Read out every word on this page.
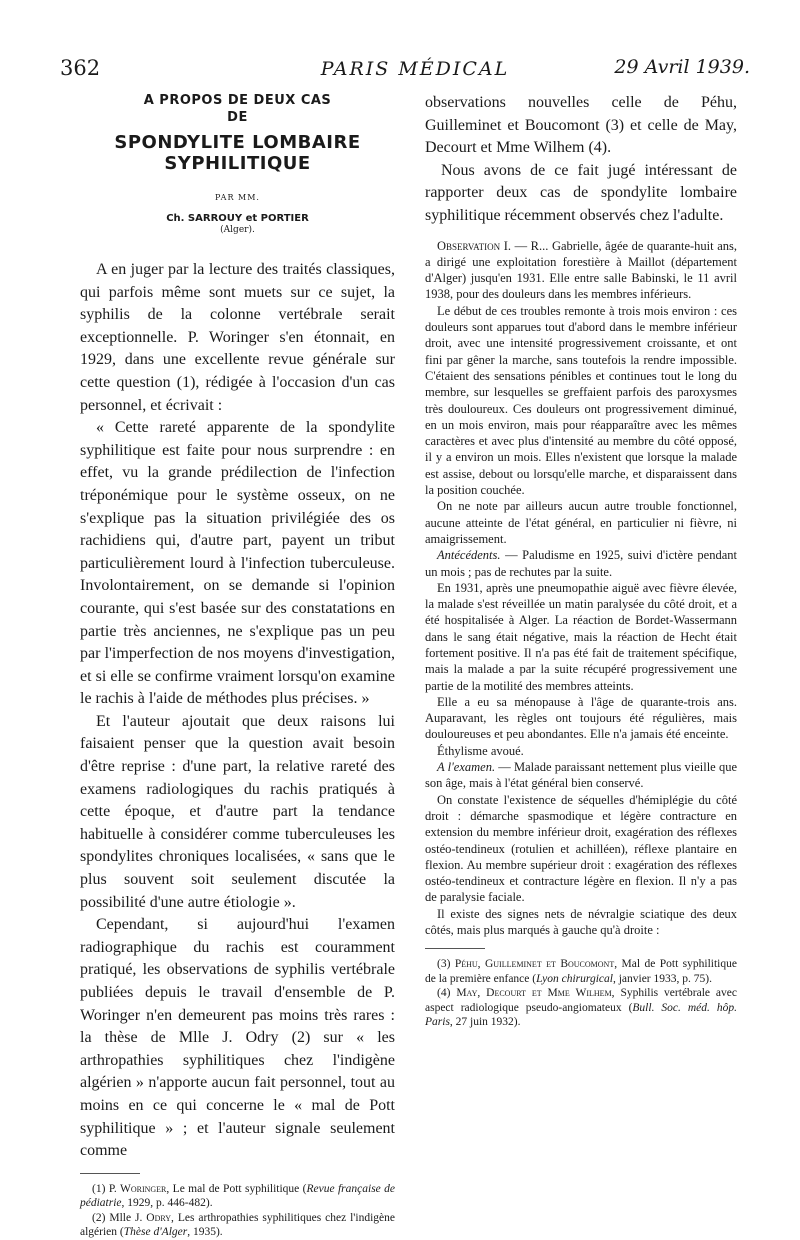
362	PARIS MÉDICAL	29 Avril 1939.
A PROPOS DE DEUX CAS
DE
SPONDYLITE LOMBAIRE
SYPHILITIQUE
PAR MM.
Ch. SARROUY et PORTIER
(Alger).

A en juger par la lecture des traités classiques, qui parfois même sont muets sur ce sujet, la syphilis de la colonne vertébrale serait exceptionnelle. P. Woringer s'en étonnait, en 1929, dans une excellente revue générale sur cette question (1), rédigée à l'occasion d'un cas personnel, et écrivait :

« Cette rareté apparente de la spondylite syphilitique est faite pour nous surprendre : en effet, vu la grande prédilection de l'infection tréponémique pour le système osseux, on ne s'explique pas la situation privilégiée des os rachidiens qui, d'autre part, payent un tribut particulièrement lourd à l'infection tuberculeuse. Involontairement, on se demande si l'opinion courante, qui s'est basée sur des constatations en partie très anciennes, ne s'explique pas un peu par l'imperfection de nos moyens d'investigation, et si elle se confirme vraiment lorsqu'on examine le rachis à l'aide de méthodes plus précises. »

Et l'auteur ajoutait que deux raisons lui faisaient penser que la question avait besoin d'être reprise : d'une part, la relative rareté des examens radiologiques du rachis pratiqués à cette époque, et d'autre part la tendance habituelle à considérer comme tuberculeuses les spondylites chroniques localisées, « sans que le plus souvent soit seulement discutée la possibilité d'une autre étiologie ».

Cependant, si aujourd'hui l'examen radiographique du rachis est couramment pratiqué, les observations de syphilis vertébrale publiées depuis le travail d'ensemble de P. Woringer n'en demeurent pas moins très rares : la thèse de Mlle J. Odry (2) sur « les arthropathies syphilitiques chez l'indigène algérien » n'apporte aucun fait personnel, tout au moins en ce qui concerne le « mal de Pott syphilitique » ; et l'auteur signale seulement comme

(1) P. Woringer, Le mal de Pott syphilitique (Revue française de pédiatrie, 1929, p. 446-482).

(2) Mlle J. Odry, Les arthropathies syphilitiques chez l'indigène algérien (Thèse d'Alger, 1935).

observations nouvelles celle de Péhu, Guilleminet et Boucomont (3) et celle de May, Decourt et Mme Wilhem (4).

Nous avons de ce fait jugé intéressant de rapporter deux cas de spondylite lombaire syphilitique récemment observés chez l'adulte.

Observation I. — R... Gabrielle, âgée de quarante-huit ans, a dirigé une exploitation forestière à Maillot (département d'Alger) jusqu'en 1931. Elle entre salle Babinski, le 11 avril 1938, pour des douleurs dans les membres inférieurs.

Le début de ces troubles remonte à trois mois environ : ces douleurs sont apparues tout d'abord dans le membre inférieur droit, avec une intensité progressivement croissante, et ont fini par gêner la marche, sans toutefois la rendre impossible. C'étaient des sensations pénibles et continues tout le long du membre, sur lesquelles se greffaient parfois des paroxysmes très douloureux. Ces douleurs ont progressivement diminué, en un mois environ, mais pour réapparaître avec les mêmes caractères et avec plus d'intensité au membre du côté opposé, il y a environ un mois. Elles n'existent que lorsque la malade est assise, debout ou lorsqu'elle marche, et disparaissent dans la position couchée.

On ne note par ailleurs aucun autre trouble fonctionnel, aucune atteinte de l'état général, en particulier ni fièvre, ni amaigrissement.

Antécédents. — Paludisme en 1925, suivi d'ictère pendant un mois ; pas de rechutes par la suite.

En 1931, après une pneumopathie aiguë avec fièvre élevée, la malade s'est réveillée un matin paralysée du côté droit, et a été hospitalisée à Alger. La réaction de Bordet-Wassermann dans le sang était négative, mais la réaction de Hecht était fortement positive. Il n'a pas été fait de traitement spécifique, mais la malade a par la suite récupéré progressivement une partie de la motilité des membres atteints.

Elle a eu sa ménopause à l'âge de quarante-trois ans. Auparavant, les règles ont toujours été régulières, mais douloureuses et peu abondantes. Elle n'a jamais été enceinte.

Éthylisme avoué.

A l'examen. — Malade paraissant nettement plus vieille que son âge, mais à l'état général bien conservé.

On constate l'existence de séquelles d'hémiplégie du côté droit : démarche spasmodique et légère contracture en extension du membre inférieur droit, exagération des réflexes ostéo-tendineux (rotulien et achilléen), réflexe plantaire en flexion. Au membre supérieur droit : exagération des réflexes ostéo-tendineux et contracture légère en flexion. Il n'y a pas de paralysie faciale.

Il existe des signes nets de névralgie sciatique des deux côtés, mais plus marqués à gauche qu'à droite :

(3) Péhu, Guilleminet et Boucomont, Mal de Pott syphilitique de la première enfance (Lyon chirurgical, janvier 1933, p. 75).

(4) May, Decourt et Mme Wilhem, Syphilis vertébrale avec aspect radiologique pseudo-angiomateux (Bull. Soc. méd. hôp. Paris, 27 juin 1932).
